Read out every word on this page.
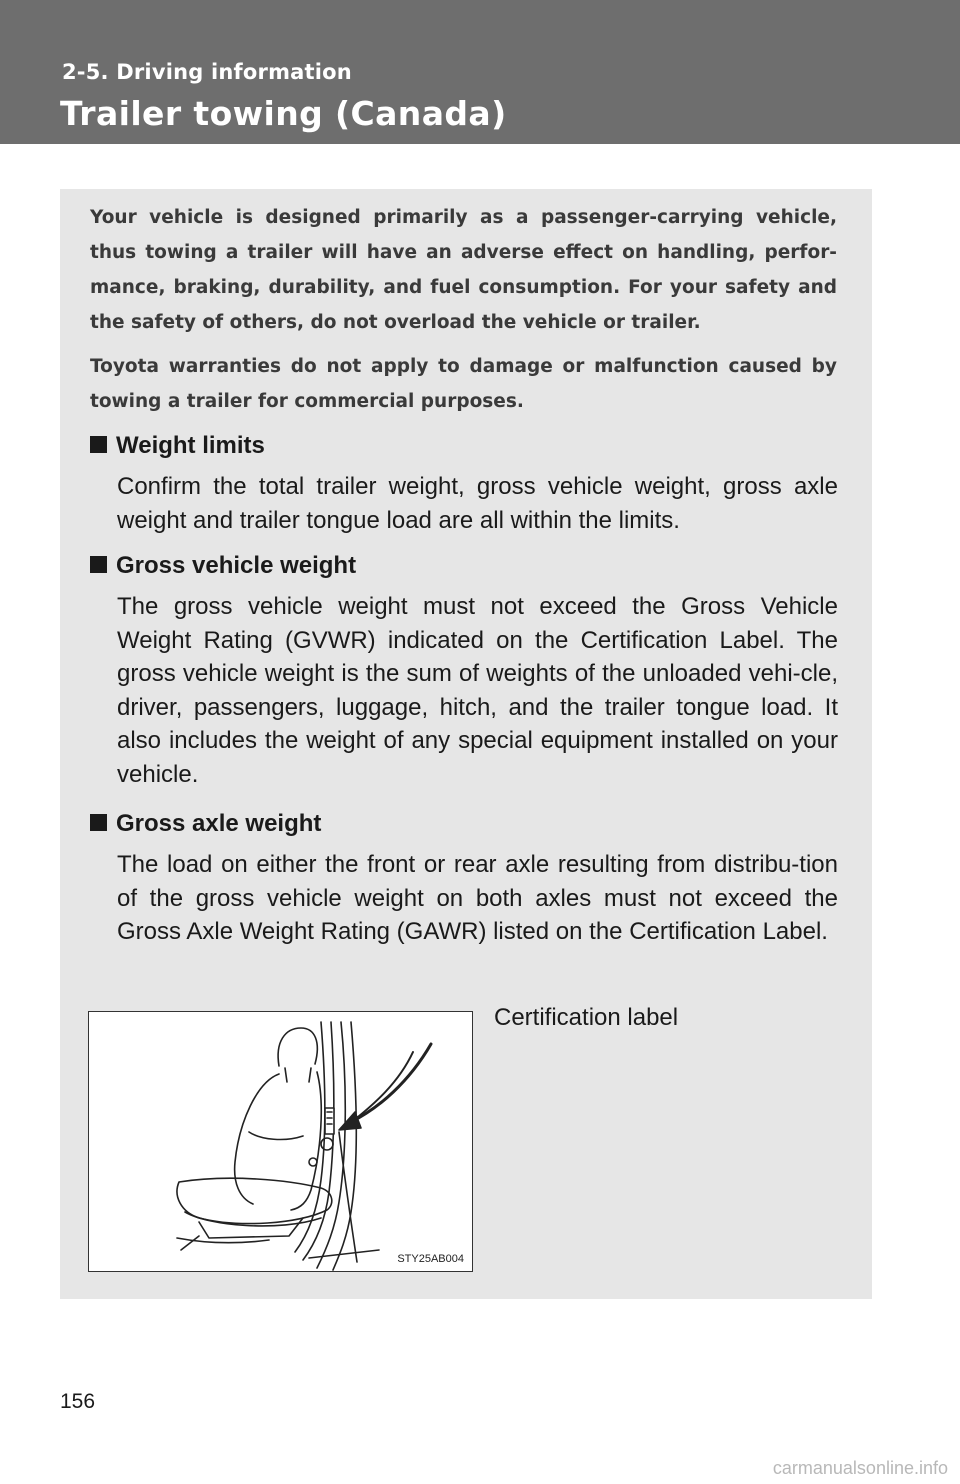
2-5. Driving information
Trailer towing (Canada)

Your vehicle is designed primarily as a passenger-carrying vehicle, thus towing a trailer will have an adverse effect on handling, perfor-mance, braking, durability, and fuel consumption. For your safety and the safety of others, do not overload the vehicle or trailer.

Toyota warranties do not apply to damage or malfunction caused by towing a trailer for commercial purposes.

Weight limits

Confirm the total trailer weight, gross vehicle weight, gross axle weight and trailer tongue load are all within the limits.

Gross vehicle weight

The gross vehicle weight must not exceed the Gross Vehicle Weight Rating (GVWR) indicated on the Certification Label. The gross vehicle weight is the sum of weights of the unloaded vehi-cle, driver, passengers, luggage, hitch, and the trailer tongue load. It also includes the weight of any special equipment installed on your vehicle.

Gross axle weight

The load on either the front or rear axle resulting from distribu-tion of the gross vehicle weight on both axles must not exceed the Gross Axle Weight Rating (GAWR) listed on the Certification Label.

STY25AB004
Certification label
156
carmanualsonline.info
